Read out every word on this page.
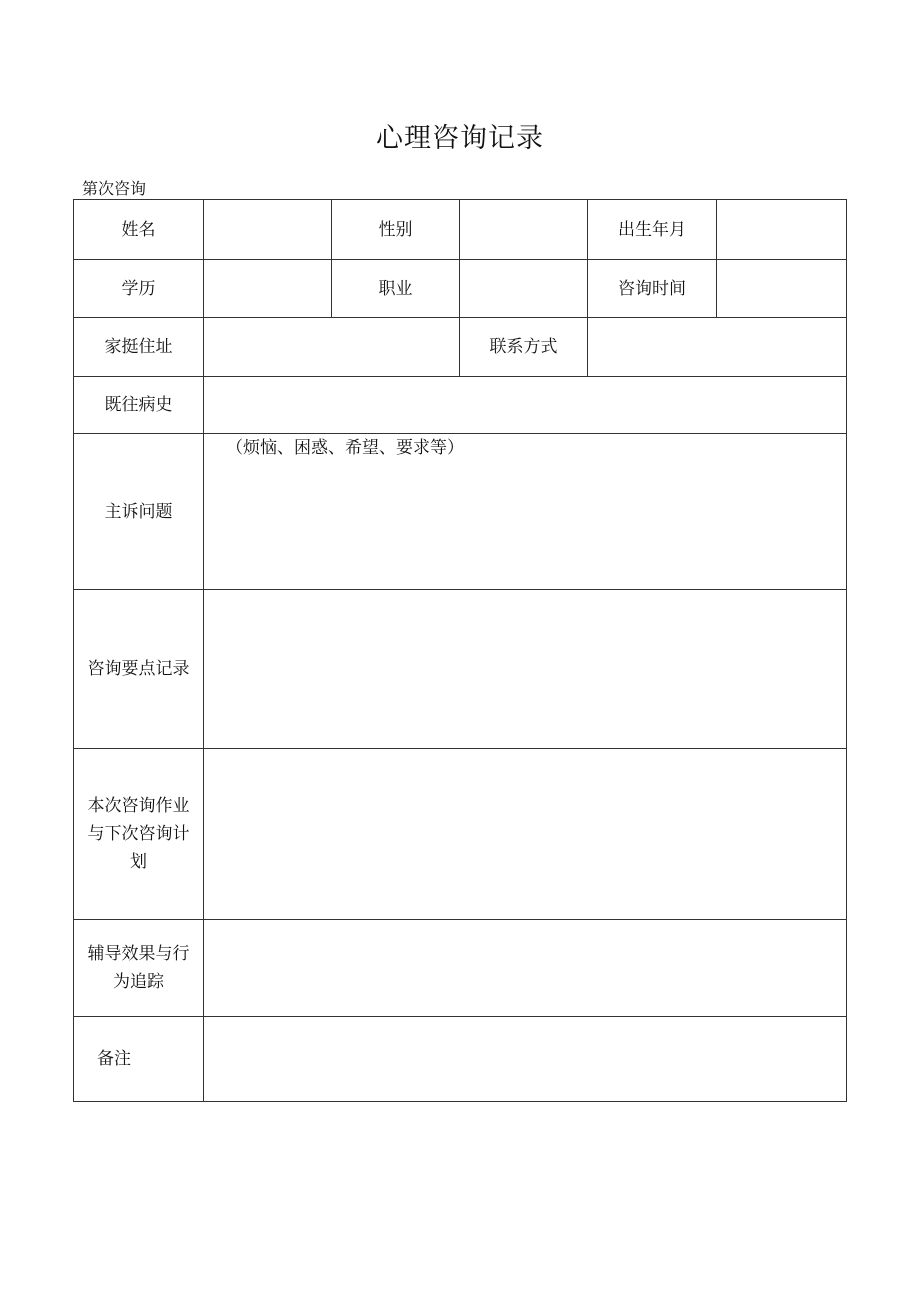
心理咨询记录
第次咨询
姓名		性别		出生年月	
学历		职业		咨询时间	
家挺住址			联系方式		
既往病史					
主诉问题	（烦恼、困惑、希望、要求等）				

咨询要点记录					
本次咨询作业与下次咨询计划					
辅导效果与行为追踪					
备注					
